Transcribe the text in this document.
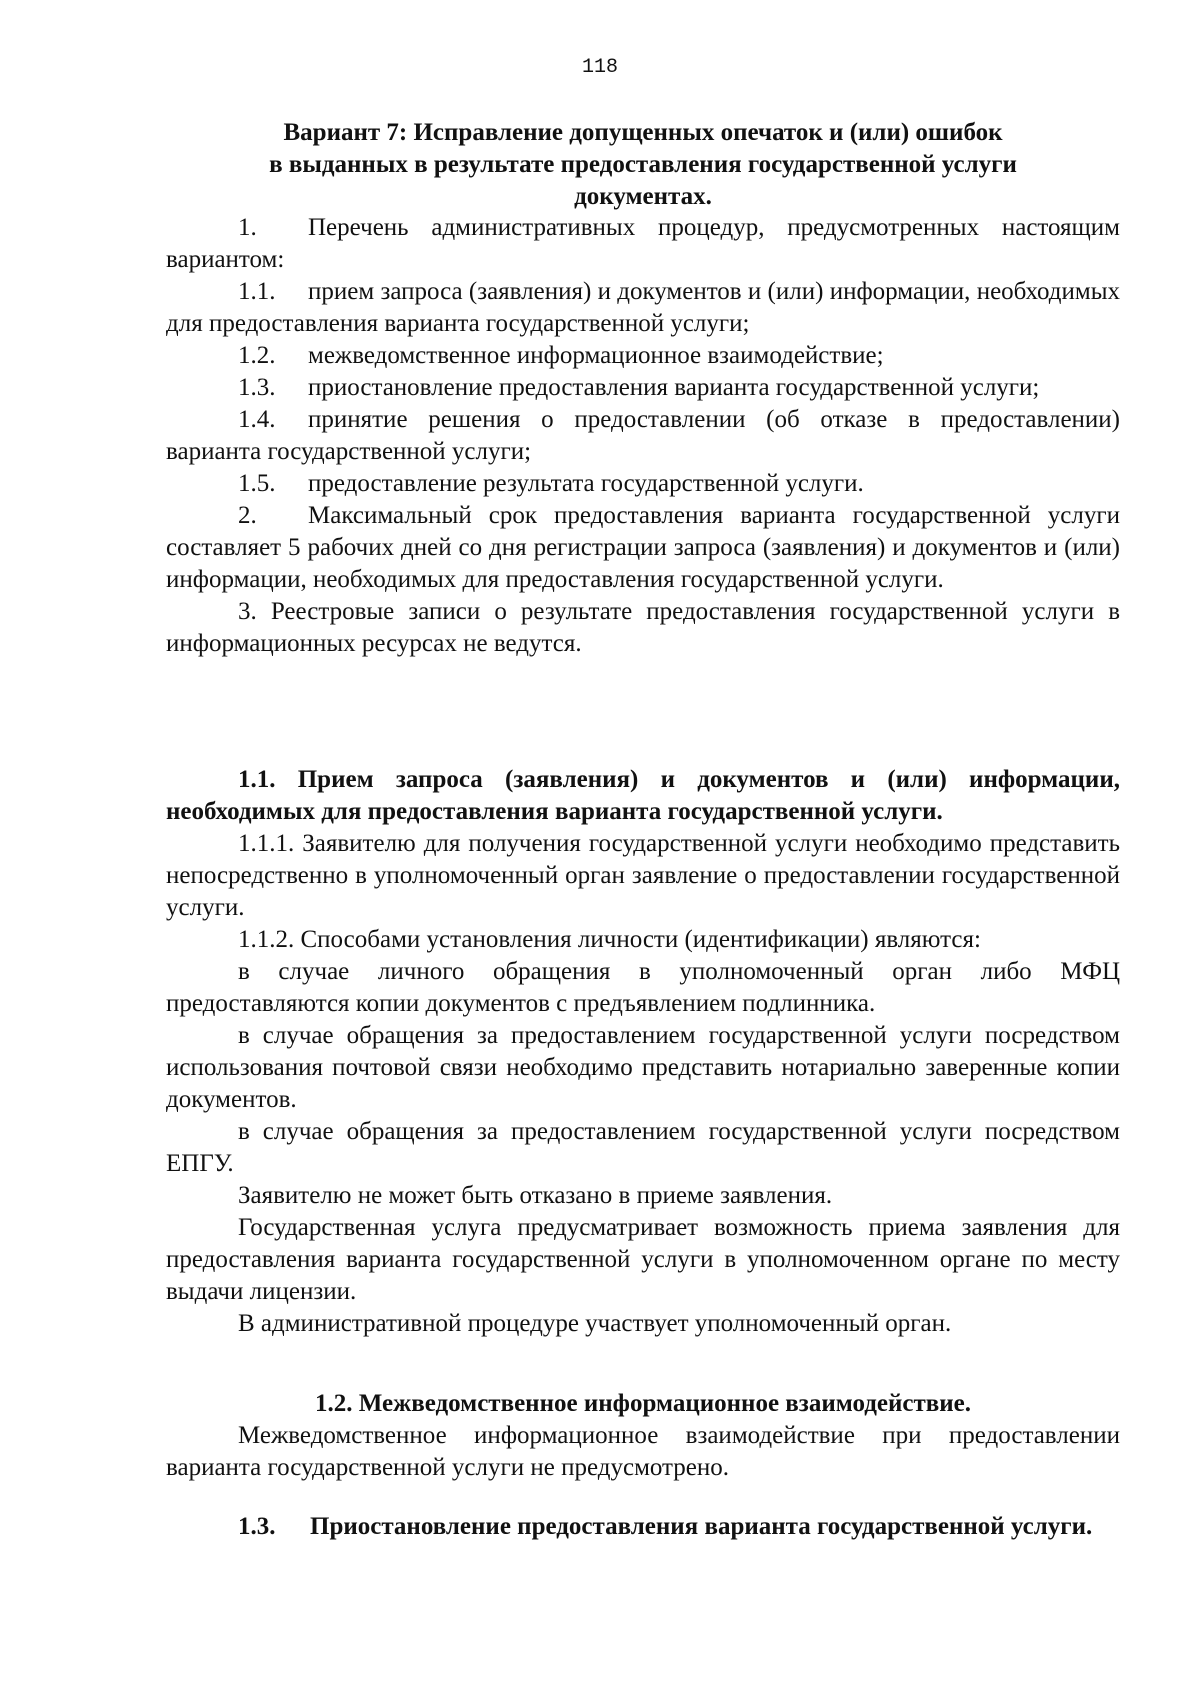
118
Вариант 7: Исправление допущенных опечаток и (или) ошибок
в выданных в результате предоставления государственной услуги
документах.

1. Перечень административных процедур, предусмотренных настоящим вариантом:

1.1. прием запроса (заявления) и документов и (или) информации, необходимых для предоставления варианта государственной услуги;

1.2. межведомственное информационное взаимодействие;

1.3. приостановление предоставления варианта государственной услуги;

1.4. принятие решения о предоставлении (об отказе в предоставлении) варианта государственной услуги;

1.5. предоставление результата государственной услуги.

2. Максимальный срок предоставления варианта государственной услуги составляет 5 рабочих дней со дня регистрации запроса (заявления) и документов и (или) информации, необходимых для предоставления государственной услуги.

3. Реестровые записи о результате предоставления государственной услуги в информационных ресурсах не ведутся.

1.1. Прием запроса (заявления) и документов и (или) информации, необходимых для предоставления варианта государственной услуги.

1.1.1. Заявителю для получения государственной услуги необходимо представить непосредственно в уполномоченный орган заявление о предоставлении государственной услуги.

1.1.2. Способами установления личности (идентификации) являются:

в случае личного обращения в уполномоченный орган либо МФЦ предоставляются копии документов с предъявлением подлинника.

в случае обращения за предоставлением государственной услуги посредством использования почтовой связи необходимо представить нотариально заверенные копии документов.

в случае обращения за предоставлением государственной услуги посредством ЕПГУ.

Заявителю не может быть отказано в приеме заявления.

Государственная услуга предусматривает возможность приема заявления для предоставления варианта государственной услуги в уполномоченном органе по месту выдачи лицензии.

В административной процедуре участвует уполномоченный орган.

1.2. Межведомственное информационное взаимодействие.

Межведомственное информационное взаимодействие при предоставлении варианта государственной услуги не предусмотрено.

1.3.	Приостановление предоставления варианта государственной услуги.
